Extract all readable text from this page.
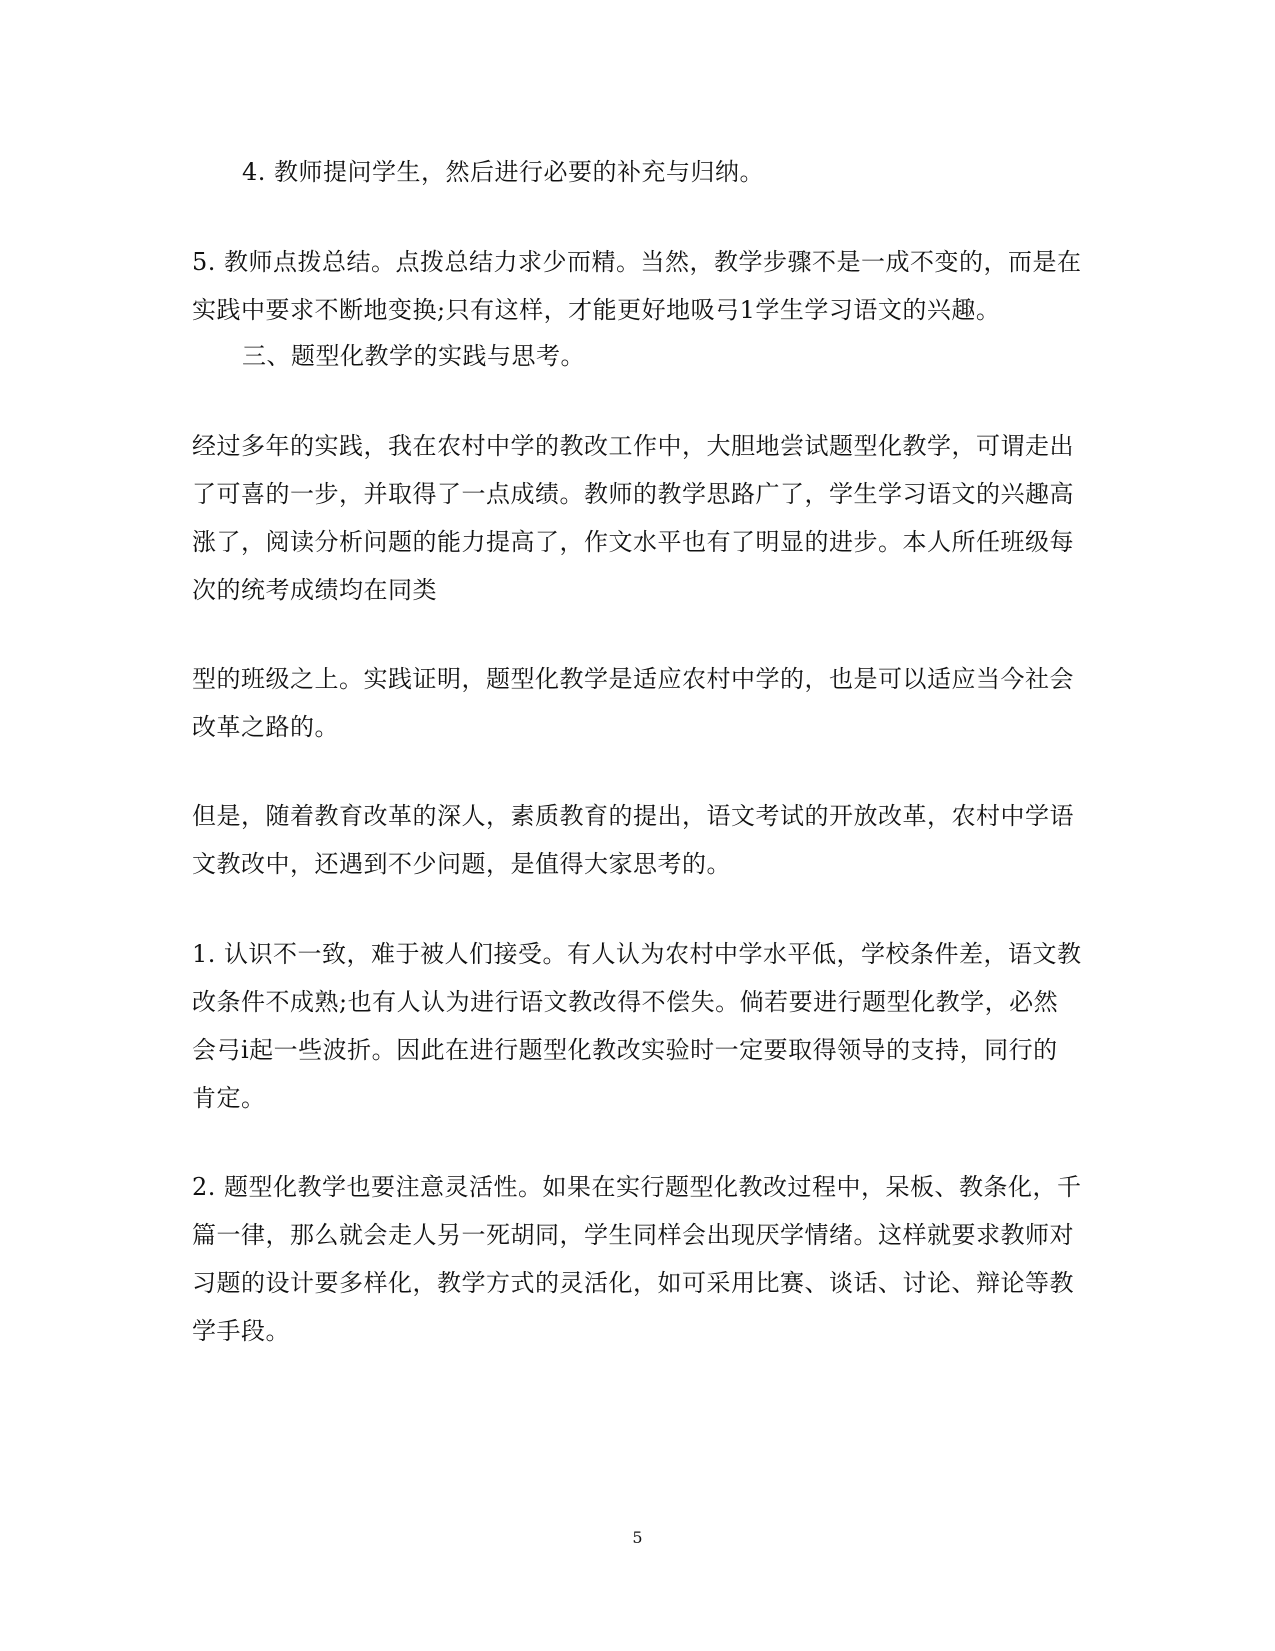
4. 教师提问学生，然后进行必要的补充与归纳。

5. 教师点拨总结。点拨总结力求少而精。当然，教学步骤不是一成不变的，而是在实践中要求不断地变换;只有这样，才能更好地吸弓1学生学习语文的兴趣。

三、题型化教学的实践与思考。

经过多年的实践，我在农村中学的教改工作中，大胆地尝试题型化教学，可谓走出了可喜的一步，并取得了一点成绩。教师的教学思路广了，学生学习语文的兴趣高涨了，阅读分析问题的能力提高了，作文水平也有了明显的进步。本人所任班级每次的统考成绩均在同类

型的班级之上。实践证明，题型化教学是适应农村中学的，也是可以适应当今社会改革之路的。

但是，随着教育改革的深人，素质教育的提出，语文考试的开放改革，农村中学语文教改中，还遇到不少问题，是值得大家思考的。

1. 认识不一致，难于被人们接受。有人认为农村中学水平低，学校条件差，语文教改条件不成熟;也有人认为进行语文教改得不偿失。倘若要进行题型化教学，必然会弓i起一些波折。因此在进行题型化教改实验时一定要取得领导的支持，同行的肯定。

2. 题型化教学也要注意灵活性。如果在实行题型化教改过程中，呆板、教条化，千篇一律，那么就会走人另一死胡同，学生同样会出现厌学情绪。这样就要求教师对习题的设计要多样化，教学方式的灵活化，如可采用比赛、谈话、讨论、辩论等教学手段。

5
